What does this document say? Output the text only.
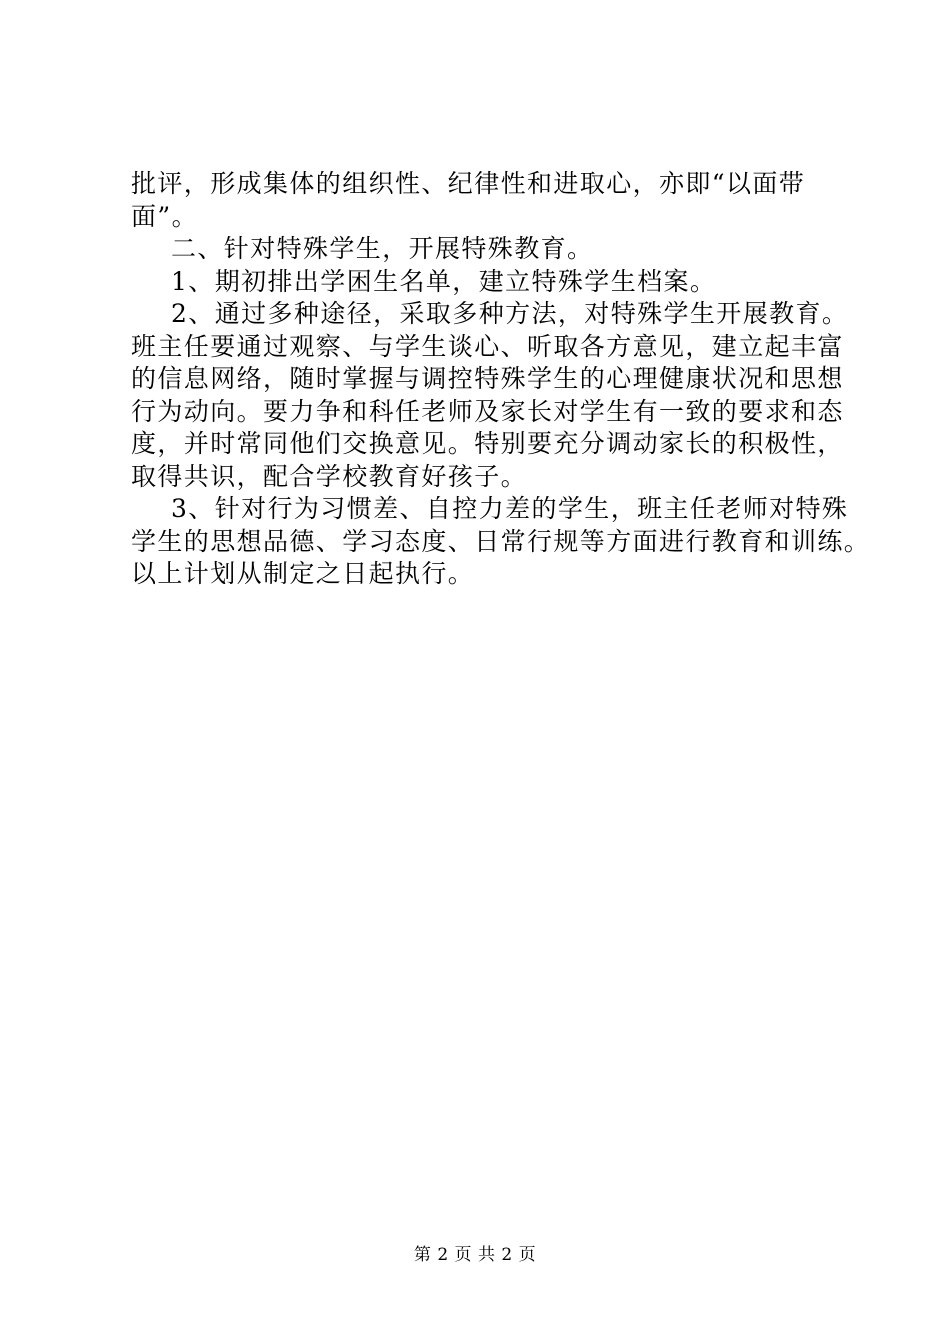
批评，形成集体的组织性、纪律性和进取心，亦即“以面带
面”。
二、针对特殊学生，开展特殊教育。
1、期初排出学困生名单，建立特殊学生档案。
2、通过多种途径，采取多种方法，对特殊学生开展教育。
班主任要通过观察、与学生谈心、听取各方意见，建立起丰富
的信息网络，随时掌握与调控特殊学生的心理健康状况和思想
行为动向。要力争和科任老师及家长对学生有一致的要求和态
度，并时常同他们交换意见。特别要充分调动家长的积极性，
取得共识，配合学校教育好孩子。
3、针对行为习惯差、自控力差的学生，班主任老师对特殊
学生的思想品德、学习态度、日常行规等方面进行教育和训练。
以上计划从制定之日起执行。
第 2 页 共 2 页
